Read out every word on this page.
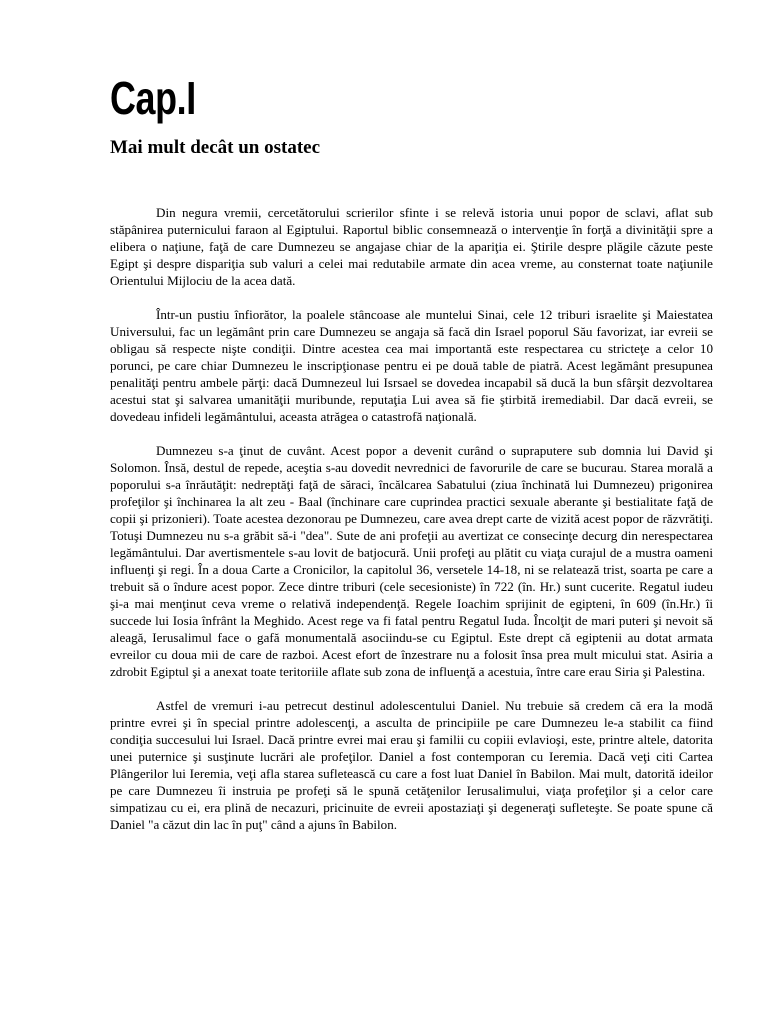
Cap.I
Mai mult decât un ostatec

Din negura vremii, cercetătorului scrierilor sfinte i se relevă istoria unui popor de sclavi, aflat sub stăpânirea puternicului faraon al Egiptului. Raportul biblic consemnează o intervenţie în forţă a divinităţii spre a elibera o naţiune, faţă de care Dumnezeu se angajase chiar de la apariţia ei. Ştirile despre plăgile căzute peste Egipt şi despre dispariţia sub valuri a celei mai redutabile armate din acea vreme, au consternat toate naţiunile Orientului Mijlociu de la acea dată.

Într-un pustiu înfiorător, la poalele stâncoase ale muntelui Sinai, cele 12 triburi israelite şi Maiestatea Universului, fac un legământ prin care Dumnezeu se angaja să facă din Israel poporul Său favorizat, iar evreii se obligau să respecte nişte condiţii. Dintre acestea cea mai importantă este respectarea cu stricteţe a celor 10 porunci, pe care chiar Dumnezeu le inscripţionase pentru ei pe două table de piatră. Acest legământ presupunea penalităţi pentru ambele părţi: dacă Dumnezeul lui Isrsael se dovedea incapabil să ducă la bun sfârşit dezvoltarea acestui stat şi salvarea umanităţii muribunde, reputaţia Lui avea să fie ştirbită iremediabil. Dar dacă evreii, se dovedeau infideli legământului, aceasta atrăgea o catastrofă naţională.

Dumnezeu s-a ţinut de cuvânt. Acest popor a devenit curând o supraputere sub domnia lui David şi Solomon. Însă, destul de repede, aceştia s-au dovedit nevrednici de favorurile de care se bucurau. Starea morală a poporului s-a înrăutăţit: nedreptăţi faţă de săraci, încălcarea Sabatului (ziua închinată lui Dumnezeu) prigonirea profeţilor şi închinarea la alt zeu - Baal (închinare care cuprindea practici sexuale aberante şi bestialitate faţă de copii şi prizonieri). Toate acestea dezonorau pe Dumnezeu, care avea drept carte de vizită acest popor de răzvrătiţi. Totuşi Dumnezeu nu s-a grăbit să-i "dea". Sute de ani profeţii au avertizat ce consecinţe decurg din nerespectarea legământului. Dar avertismentele s-au lovit de batjocură. Unii profeţi au plătit cu viaţa curajul de a mustra oameni influenţi şi regi. În a doua Carte a Cronicilor, la capitolul 36, versetele 14-18, ni se relatează trist, soarta pe care a trebuit să o îndure acest popor. Zece dintre triburi (cele secesioniste) în 722 (în. Hr.) sunt cucerite. Regatul iudeu şi-a mai menţinut ceva vreme o relativă independenţă. Regele Ioachim sprijinit de egipteni, în 609 (în.Hr.) îi succede lui Iosia înfrânt la Meghido. Acest rege va fi fatal pentru Regatul Iuda. Încolţit de mari puteri şi nevoit să aleagă, Ierusalimul face o gafă monumentală asociindu-se cu Egiptul. Este drept că egiptenii au dotat armata evreilor cu doua mii de care de razboi. Acest efort de înzestrare nu a folosit însa prea mult micului stat. Asiria a zdrobit Egiptul şi a anexat toate teritoriile aflate sub zona de influenţă a acestuia, între care erau Siria şi Palestina.

Astfel de vremuri i-au petrecut destinul adolescentului Daniel. Nu trebuie să credem că era la modă printre evrei şi în special printre adolescenţi, a asculta de principiile pe care Dumnezeu le-a stabilit ca fiind condiţia succesului lui Israel. Dacă printre evrei mai erau şi familii cu copiii evlavioşi, este, printre altele, datorita unei puternice şi susţinute lucrări ale profeţilor. Daniel a fost contemporan cu Ieremia. Dacă veţi citi Cartea Plângerilor lui Ieremia, veţi afla starea sufletească cu care a fost luat Daniel în Babilon. Mai mult, datorită ideilor pe care Dumnezeu îi instruia pe profeţi să le spună cetăţenilor Ierusalimului, viaţa profeţilor şi a celor care simpatizau cu ei, era plină de necazuri, pricinuite de evreii apostaziaţi şi degeneraţi sufleteşte. Se poate spune că Daniel "a căzut din lac în puţ" când a ajuns în Babilon.
